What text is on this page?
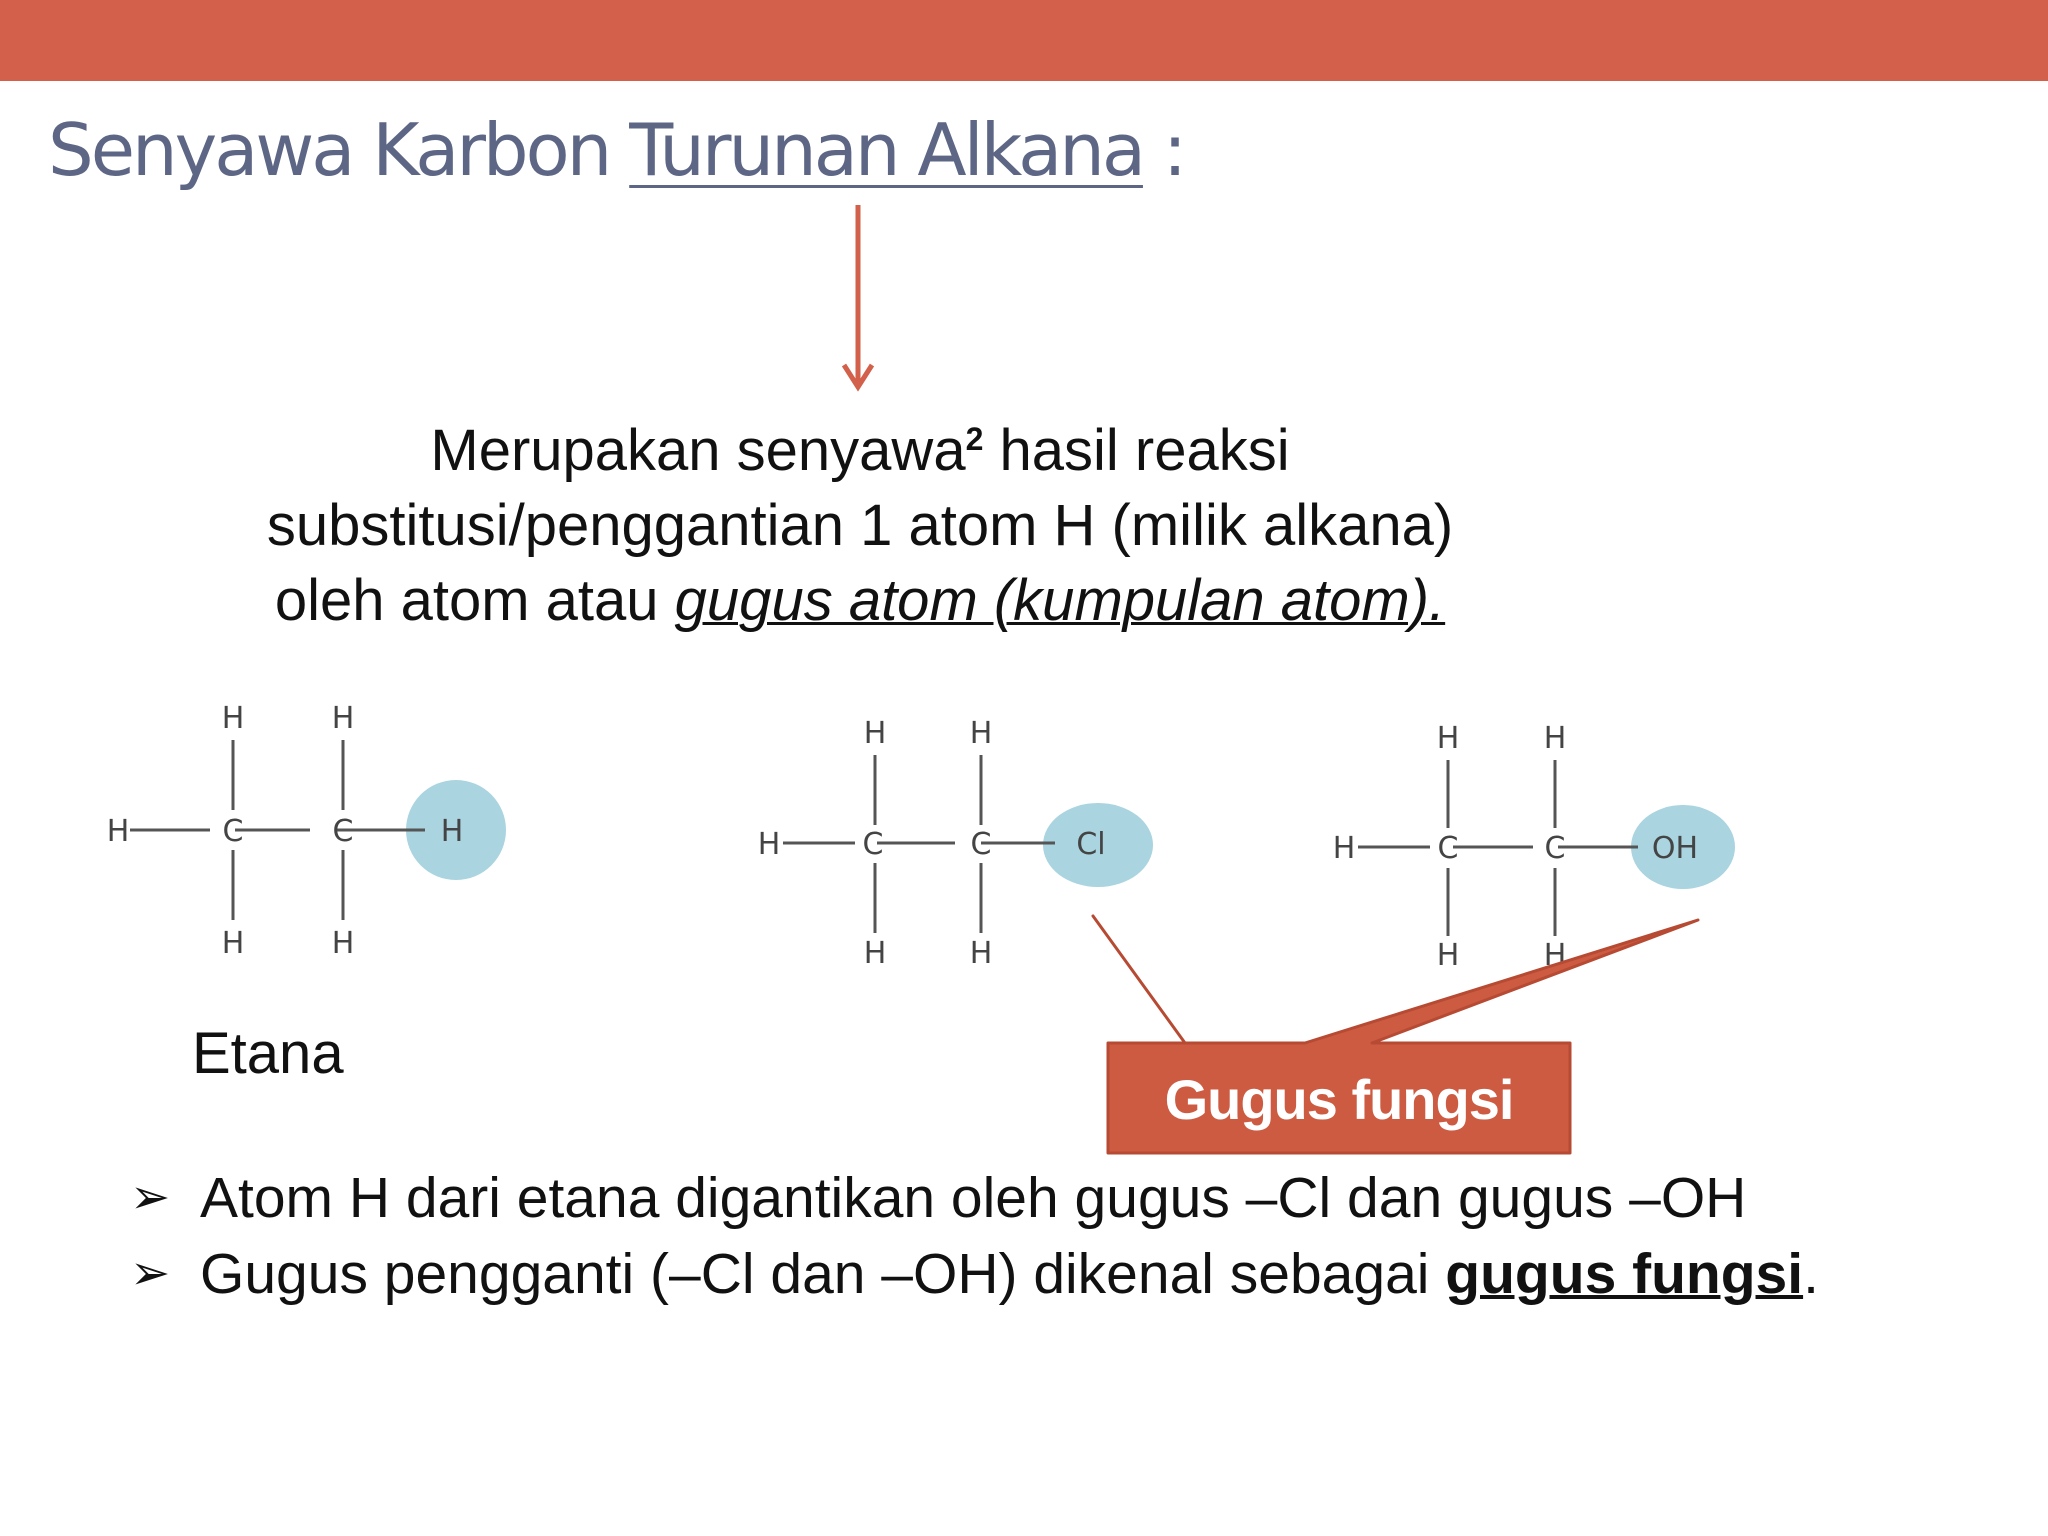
Senyawa Karbon Turunan Alkana :
Merupakan senyawa$^2$ hasil reaksi
substitusi/penggantian 1 atom H (milik alkana)
oleh atom atau gugus atom (kumpulan atom).
H	H
H	C	C	H
H	H
H	H
H	C	C	Cl
H	H
H	H
H	C	C	OH
H	H
Etana
Gugus fungsi
➢ Atom H dari etana digantikan oleh gugus –Cl dan gugus –OH
➢ Gugus pengganti (–Cl dan –OH) dikenal sebagai gugus fungsi.
